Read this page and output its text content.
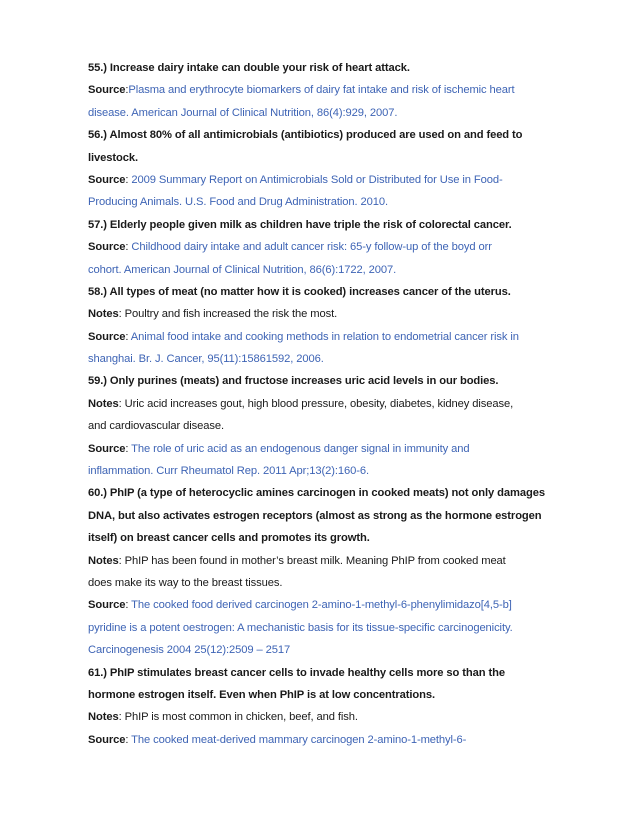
55.) Increase dairy intake can double your risk of heart attack.
Source:Plasma and erythrocyte biomarkers of dairy fat intake and risk of ischemic heart
disease. American Journal of Clinical Nutrition, 86(4):929, 2007.
56.) Almost 80% of all antimicrobials (antibiotics) produced are used on and feed to
livestock.
Source: 2009 Summary Report on Antimicrobials Sold or Distributed for Use in Food-
Producing Animals. U.S. Food and Drug Administration. 2010.
57.) Elderly people given milk as children have triple the risk of colorectal cancer.
Source: Childhood dairy intake and adult cancer risk: 65-y follow-up of the boyd orr
cohort. American Journal of Clinical Nutrition, 86(6):1722, 2007.
58.) All types of meat (no matter how it is cooked) increases cancer of the uterus.
Notes: Poultry and fish increased the risk the most.
Source: Animal food intake and cooking methods in relation to endometrial cancer risk in
shanghai. Br. J. Cancer, 95(11):15861592, 2006.
59.) Only purines (meats) and fructose increases uric acid levels in our bodies.
Notes: Uric acid increases gout, high blood pressure, obesity, diabetes, kidney disease,
and cardiovascular disease.
Source: The role of uric acid as an endogenous danger signal in immunity and
inflammation. Curr Rheumatol Rep. 2011 Apr;13(2):160-6.
60.) PhIP (a type of heterocyclic amines carcinogen in cooked meats) not only damages
DNA, but also activates estrogen receptors (almost as strong as the hormone estrogen
itself) on breast cancer cells and promotes its growth.
Notes: PhIP has been found in mother’s breast milk. Meaning PhIP from cooked meat
does make its way to the breast tissues.
Source: The cooked food derived carcinogen 2-amino-1-methyl-6-phenylimidazo[4,5-b]
pyridine is a potent oestrogen: A mechanistic basis for its tissue-specific carcinogenicity.
Carcinogenesis 2004 25(12):2509 – 2517
61.) PhIP stimulates breast cancer cells to invade healthy cells more so than the
hormone estrogen itself. Even when PhIP is at low concentrations.
Notes: PhIP is most common in chicken, beef, and fish.
Source: The cooked meat-derived mammary carcinogen 2-amino-1-methyl-6-
